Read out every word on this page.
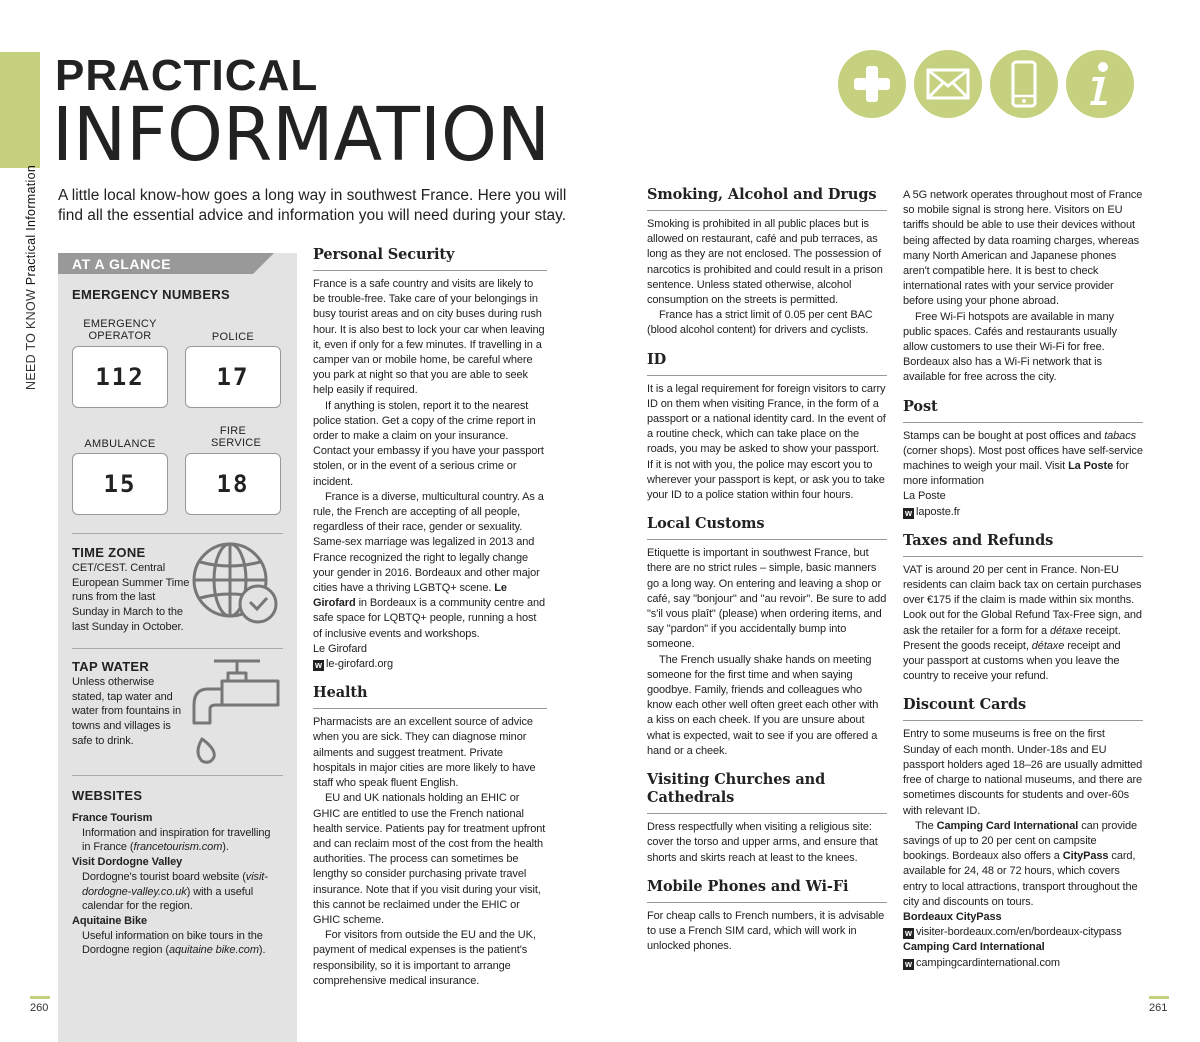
NEED TO KNOW Practical Information
PRACTICAL
INFORMATION
A little local know-how goes a long way in southwest France. Here you will find all the essential advice and information you will need during your stay.
AT A GLANCE
EMERGENCY NUMBERS
EMERGENCY OPERATOR
112
POLICE
17
AMBULANCE
15
FIRE SERVICE
18
TIME ZONE
CET/CEST. Central European Summer Time runs from the last Sunday in March to the last Sunday in October.
TAP WATER
Unless otherwise stated, tap water and water from fountains in towns and villages is safe to drink.
WEBSITES
France Tourism
Information and inspiration for travelling in France (francetourism.com).
Visit Dordogne Valley
Dordogne's tourist board website (visit-dordogne-valley.co.uk) with a useful calendar for the region.
Aquitaine Bike
Useful information on bike tours in the Dordogne region (aquitaine bike.com).
Personal Security

France is a safe country and visits are likely to be trouble-free. Take care of your belongings in busy tourist areas and on city buses during rush hour. It is also best to lock your car when leaving it, even if only for a few minutes. If travelling in a camper van or mobile home, be careful where you park at night so that you are able to seek help easily if required.

If anything is stolen, report it to the nearest police station. Get a copy of the crime report in order to make a claim on your insurance. Contact your embassy if you have your passport stolen, or in the event of a serious crime or incident.

France is a diverse, multicultural country. As a rule, the French are accepting of all people, regardless of their race, gender or sexuality. Same-sex marriage was legalized in 2013 and France recognized the right to legally change your gender in 2016. Bordeaux and other major cities have a thriving LGBTQ+ scene. Le Girofard in Bordeaux is a community centre and safe space for LQBTQ+ people, running a host of inclusive events and workshops.

Le Girofard

w le-girofard.org

Health

Pharmacists are an excellent source of advice when you are sick. They can diagnose minor ailments and suggest treatment. Private hospitals in major cities are more likely to have staff who speak fluent English.

EU and UK nationals holding an EHIC or GHIC are entitled to use the French national health service. Patients pay for treatment upfront and can reclaim most of the cost from the health authorities. The process can sometimes be lengthy so consider purchasing private travel insurance. Note that if you visit during your visit, this cannot be reclaimed under the EHIC or GHIC scheme.

For visitors from outside the EU and the UK, payment of medical expenses is the patient's responsibility, so it is important to arrange comprehensive medical insurance.

Smoking, Alcohol and Drugs

Smoking is prohibited in all public places but is allowed on restaurant, café and pub terraces, as long as they are not enclosed. The possession of narcotics is prohibited and could result in a prison sentence. Unless stated otherwise, alcohol consumption on the streets is permitted.

France has a strict limit of 0.05 per cent BAC (blood alcohol content) for drivers and cyclists.

ID

It is a legal requirement for foreign visitors to carry ID on them when visiting France, in the form of a passport or a national identity card. In the event of a routine check, which can take place on the roads, you may be asked to show your passport. If it is not with you, the police may escort you to wherever your passport is kept, or ask you to take your ID to a police station within four hours.

Local Customs

Etiquette is important in southwest France, but there are no strict rules – simple, basic manners go a long way. On entering and leaving a shop or café, say "bonjour" and "au revoir". Be sure to add "s'il vous plaît" (please) when ordering items, and say "pardon" if you accidentally bump into someone.

The French usually shake hands on meeting someone for the first time and when saying goodbye. Family, friends and colleagues who know each other well often greet each other with a kiss on each cheek. If you are unsure about what is expected, wait to see if you are offered a hand or a cheek.

Visiting Churches and Cathedrals

Dress respectfully when visiting a religious site: cover the torso and upper arms, and ensure that shorts and skirts reach at least to the knees.

Mobile Phones and Wi-Fi

For cheap calls to French numbers, it is advisable to use a French SIM card, which will work in unlocked phones.

A 5G network operates throughout most of France so mobile signal is strong here. Visitors on EU tariffs should be able to use their devices without being affected by data roaming charges, whereas many North American and Japanese phones aren't compatible here. It is best to check international rates with your service provider before using your phone abroad.

Free Wi-Fi hotspots are available in many public spaces. Cafés and restaurants usually allow customers to use their Wi-Fi for free. Bordeaux also has a Wi-Fi network that is available for free across the city.

Post

Stamps can be bought at post offices and tabacs (corner shops). Most post offices have self-service machines to weigh your mail. Visit La Poste for more information

La Poste

w laposte.fr

Taxes and Refunds

VAT is around 20 per cent in France. Non-EU residents can claim back tax on certain purchases over €175 if the claim is made within six months. Look out for the Global Refund Tax-Free sign, and ask the retailer for a form for a détaxe receipt. Present the goods receipt, détaxe receipt and your passport at customs when you leave the country to receive your refund.

Discount Cards

Entry to some museums is free on the first Sunday of each month. Under-18s and EU passport holders aged 18–26 are usually admitted free of charge to national museums, and there are sometimes discounts for students and over-60s with relevant ID.

The Camping Card International can provide savings of up to 20 per cent on campsite bookings. Bordeaux also offers a CityPass card, available for 24, 48 or 72 hours, which covers entry to local attractions, transport throughout the city and discounts on tours.

Bordeaux CityPass

w visiter-bordeaux.com/en/bordeaux-citypass

Camping Card International

w campingcardinternational.com

260	261
